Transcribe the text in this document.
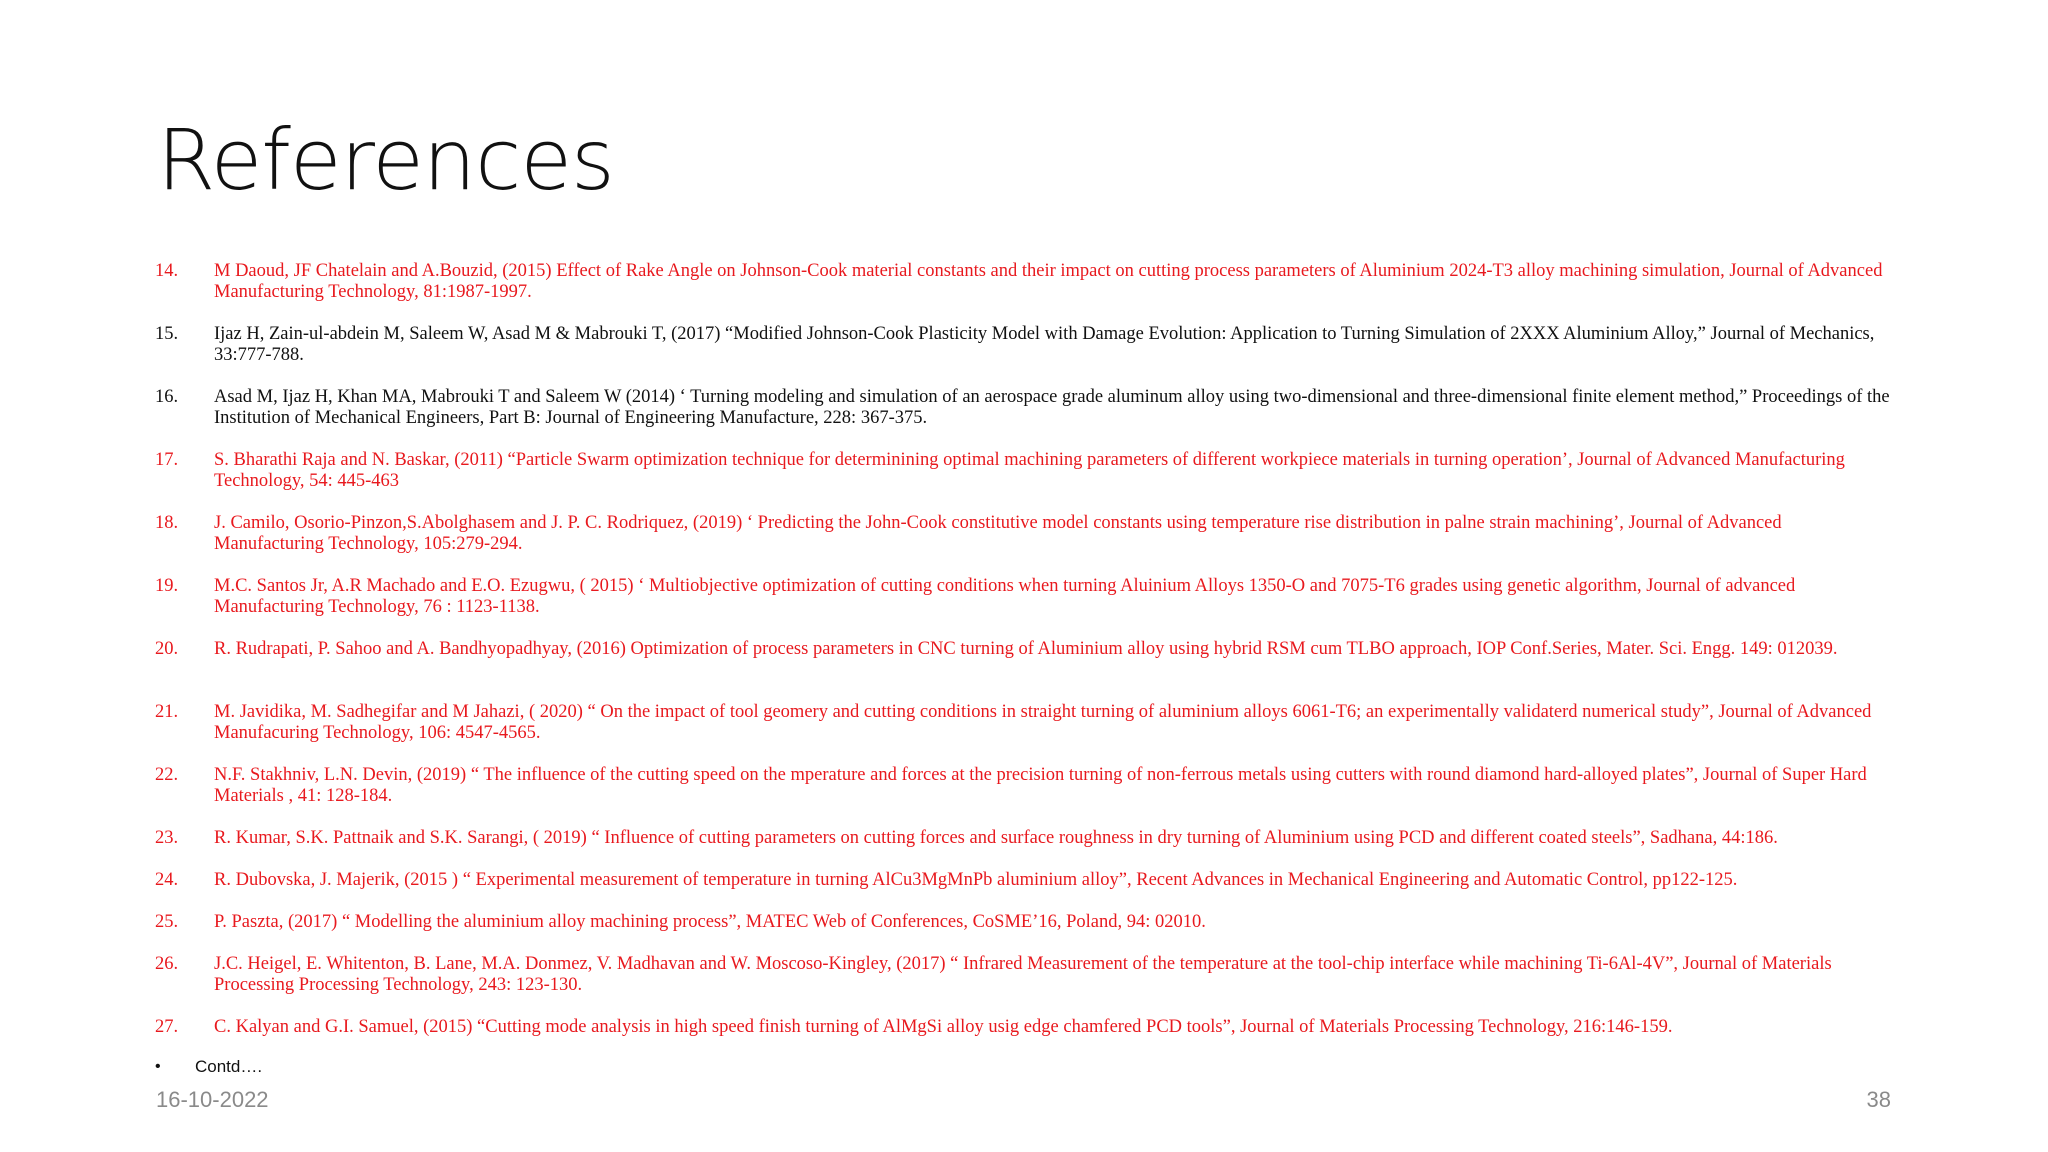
References
14.	M Daoud, JF Chatelain and A.Bouzid, (2015) Effect of Rake Angle on Johnson-Cook material constants and their impact on cutting process parameters of Aluminium 2024-T3 alloy machining simulation, Journal of Advanced Manufacturing Technology, 81:1987-1997.
15.	Ijaz H, Zain-ul-abdein M, Saleem W, Asad M & Mabrouki T, (2017) “Modified Johnson-Cook Plasticity Model with Damage Evolution: Application to Turning Simulation of 2XXX Aluminium Alloy,” Journal of Mechanics, 33:777-788.
16.	Asad M, Ijaz H, Khan MA, Mabrouki T and Saleem W (2014) ‘ Turning modeling and simulation of an aerospace grade aluminum alloy using two-dimensional and three-dimensional finite element method,” Proceedings of the Institution of Mechanical Engineers, Part B: Journal of Engineering Manufacture, 228: 367-375.
17.	S. Bharathi Raja and N. Baskar, (2011) “Particle Swarm optimization technique for determinining optimal machining parameters of different workpiece materials in turning operation’, Journal of Advanced Manufacturing Technology, 54: 445-463
18.	J. Camilo, Osorio-Pinzon,S.Abolghasem and J. P. C. Rodriquez, (2019) ‘ Predicting the John-Cook constitutive model constants using temperature rise distribution in palne strain machining’, Journal of Advanced Manufacturing Technology, 105:279-294.
19.	M.C. Santos Jr, A.R Machado and E.O. Ezugwu, ( 2015) ‘ Multiobjective optimization of cutting conditions when turning Aluinium Alloys 1350-O and 7075-T6 grades using genetic algorithm, Journal of advanced Manufacturing Technology, 76 : 1123-1138.
20.	R. Rudrapati, P. Sahoo and A. Bandhyopadhyay, (2016) Optimization of process parameters in CNC turning of Aluminium alloy using hybrid RSM cum TLBO approach, IOP Conf.Series, Mater. Sci. Engg. 149: 012039.
21.	M. Javidika, M. Sadhegifar and M Jahazi, ( 2020) “ On the impact of tool geomery and cutting conditions in straight turning of aluminium alloys 6061-T6; an experimentally validaterd numerical study”, Journal of Advanced Manufacuring Technology, 106: 4547-4565.
22.	N.F. Stakhniv, L.N. Devin, (2019) “ The influence of the cutting speed on the mperature and forces at the precision turning of non-ferrous metals using cutters with round diamond hard-alloyed plates”, Journal of Super Hard Materials , 41: 128-184.
23.	R. Kumar, S.K. Pattnaik and S.K. Sarangi, ( 2019) “ Influence of cutting parameters on cutting forces and surface roughness in dry turning of Aluminium using PCD and different coated steels”, Sadhana, 44:186.
24.	R. Dubovska, J. Majerik, (2015 ) “ Experimental measurement of temperature in turning AlCu3MgMnPb aluminium alloy”, Recent Advances in Mechanical Engineering and Automatic Control, pp122-125.
25.	P. Paszta, (2017) “ Modelling the aluminium alloy machining process”, MATEC Web of Conferences, CoSME’16, Poland, 94: 02010.
26.	J.C. Heigel, E. Whitenton, B. Lane, M.A. Donmez, V. Madhavan and W. Moscoso-Kingley, (2017) “ Infrared Measurement of the temperature at the tool-chip interface while machining Ti-6Al-4V”, Journal of Materials Processing Processing Technology, 243: 123-130.
27.	C. Kalyan and G.I. Samuel, (2015) “Cutting mode analysis in high speed finish turning of AlMgSi alloy usig edge chamfered PCD tools”, Journal of Materials Processing Technology, 216:146-159.
•	Contd….
16-10-2022	38
